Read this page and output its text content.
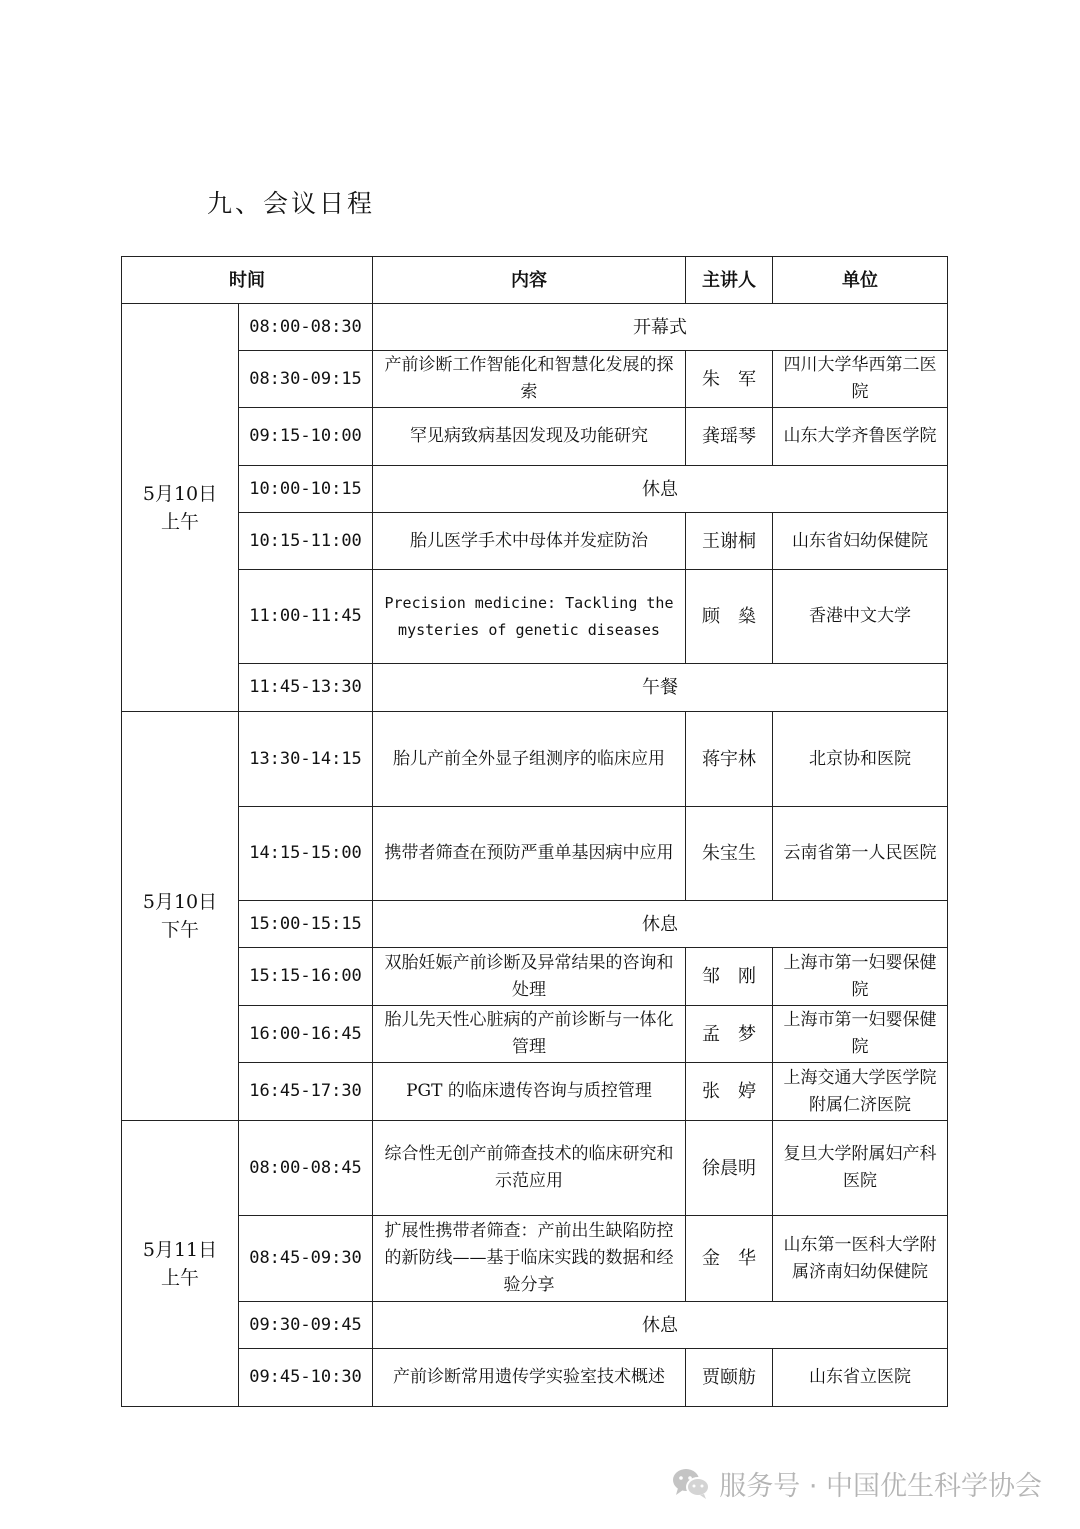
九、会议日程
时间		内容	主讲人	单位

5月10日
上午	08:00-08:30	开幕式		
	08:30-09:15	产前诊断工作智能化和智慧化发展的探索	朱　军	四川大学华西第二医院
	09:15-10:00	罕见病致病基因发现及功能研究	龚瑶琴	山东大学齐鲁医学院
	10:00-10:15	休息		
	10:15-11:00	胎儿医学手术中母体并发症防治	王谢桐	山东省妇幼保健院
	11:00-11:45	Precision medicine: Tackling the mysteries of genetic diseases	顾　燊	香港中文大学
	11:45-13:30	午餐		

5月10日
下午	13:30-14:15	胎儿产前全外显子组测序的临床应用	蒋宇林	北京协和医院
	14:15-15:00	携带者筛查在预防严重单基因病中应用	朱宝生	云南省第一人民医院
	15:00-15:15	休息		
	15:15-16:00	双胎妊娠产前诊断及异常结果的咨询和处理	邹　刚	上海市第一妇婴保健院
	16:00-16:45	胎儿先天性心脏病的产前诊断与一体化管理	孟　梦	上海市第一妇婴保健院
	16:45-17:30	PGT 的临床遗传咨询与质控管理	张　婷	上海交通大学医学院附属仁济医院

5月11日
上午	08:00-08:45	综合性无创产前筛查技术的临床研究和示范应用	徐晨明	复旦大学附属妇产科医院
	08:45-09:30	扩展性携带者筛查：产前出生缺陷防控的新防线——基于临床实践的数据和经验分享	金　华	山东第一医科大学附属济南妇幼保健院
	09:30-09:45	休息		
	09:45-10:30	产前诊断常用遗传学实验室技术概述	贾颐舫	山东省立医院
服务号 · 中国优生科学协会
